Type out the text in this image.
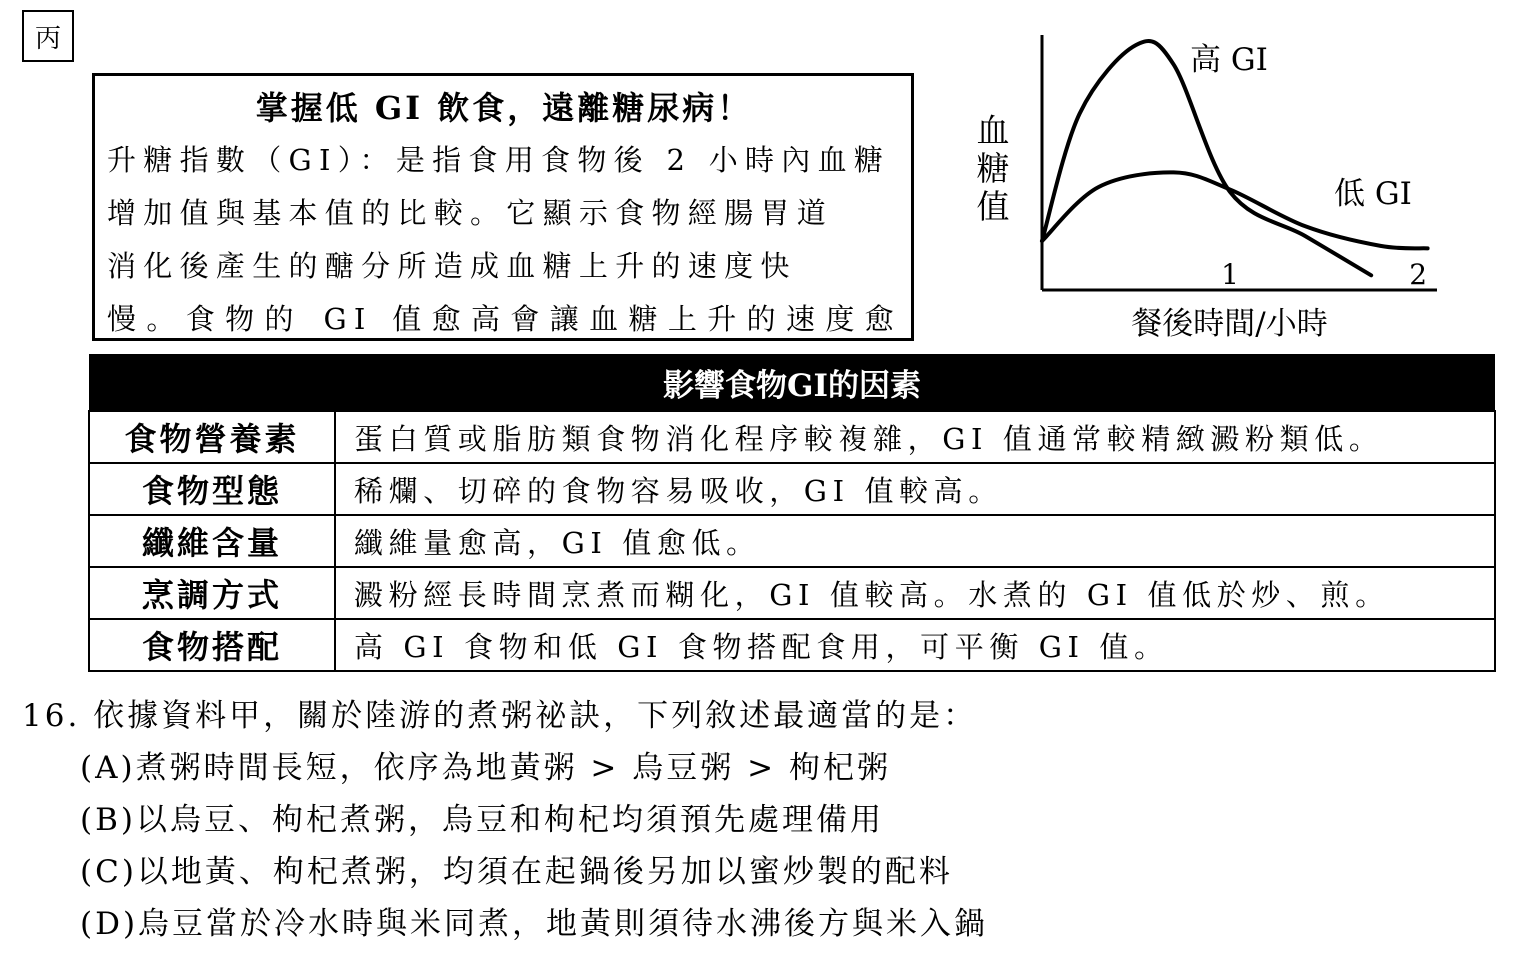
丙

掌握低 GI 飲食，遠離糖尿病！

升糖指數（GI）：是指食用食物後 2 小時內血糖

增加值與基本值的比較。它顯示食物經腸胃道

消化後產生的醣分所造成血糖上升的速度快

慢。食物的 GI 值愈高會讓血糖上升的速度愈

血
糖
值
餐後時間/小時
1	2
高 GI
低 GI
影響食物GI的因素	
食物營養素	蛋白質或脂肪類食物消化程序較複雜，GI 值通常較精緻澱粉類低。
食物型態	稀爛、切碎的食物容易吸收，GI 值較高。
纖維含量	纖維量愈高，GI 值愈低。
烹調方式	澱粉經長時間烹煮而糊化，GI 值較高。水煮的 GI 值低於炒、煎。
食物搭配	高 GI 食物和低 GI 食物搭配食用，可平衡 GI 值。

16. 依據資料甲，關於陸游的煮粥祕訣，下列敘述最適當的是：

(A)煮粥時間長短，依序為地黃粥 > 烏豆粥 > 枸杞粥

(B)以烏豆、枸杞煮粥，烏豆和枸杞均須預先處理備用

(C)以地黃、枸杞煮粥，均須在起鍋後另加以蜜炒製的配料

(D)烏豆當於冷水時與米同煮，地黃則須待水沸後方與米入鍋
